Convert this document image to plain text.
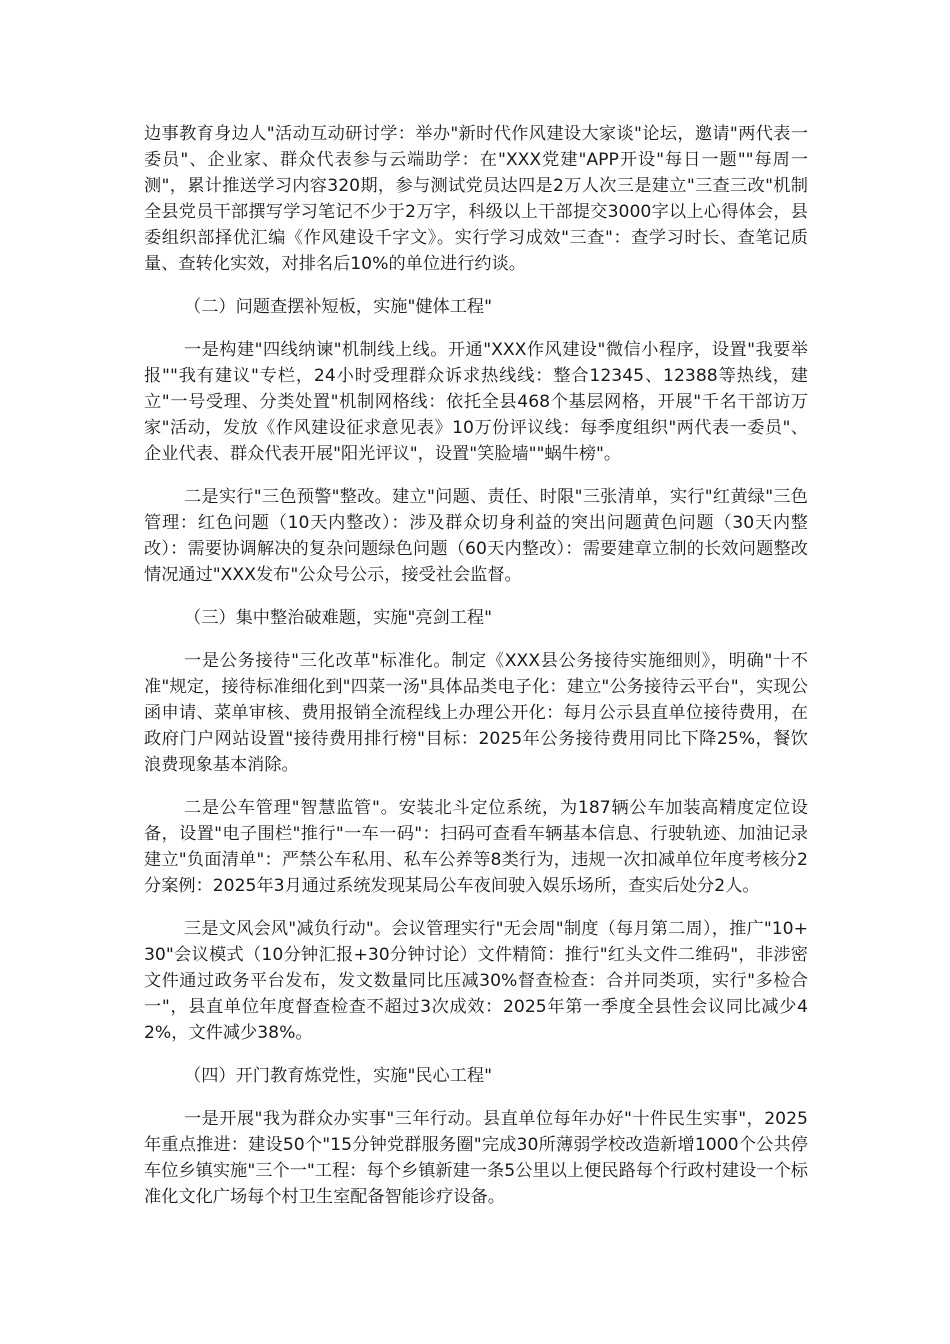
边事教育身边人"活动互动研讨学：举办"新时代作风建设大家谈"论坛，邀请"两代表一委员"、企业家、群众代表参与云端助学：在"XXX党建"APP开设"每日一题""每周一测"，累计推送学习内容320期，参与测试党员达四是2万人次三是建立"三查三改"机制全县党员干部撰写学习笔记不少于2万字，科级以上干部提交3000字以上心得体会，县委组织部择优汇编《作风建设千字文》。实行学习成效"三查"：查学习时长、查笔记质量、查转化实效，对排名后10%的单位进行约谈。

（二）问题查摆补短板，实施"健体工程"

一是构建"四线纳谏"机制线上线。开通"XXX作风建设"微信小程序，设置"我要举报""我有建议"专栏，24小时受理群众诉求热线线：整合12345、12388等热线，建立"一号受理、分类处置"机制网格线：依托全县468个基层网格，开展"千名干部访万家"活动，发放《作风建设征求意见表》10万份评议线：每季度组织"两代表一委员"、企业代表、群众代表开展"阳光评议"，设置"笑脸墙""蜗牛榜"。

二是实行"三色预警"整改。建立"问题、责任、时限"三张清单，实行"红黄绿"三色管理：红色问题（10天内整改）：涉及群众切身利益的突出问题黄色问题（30天内整改）：需要协调解决的复杂问题绿色问题（60天内整改）：需要建章立制的长效问题整改情况通过"XXX发布"公众号公示，接受社会监督。

（三）集中整治破难题，实施"亮剑工程"

一是公务接待"三化改革"标准化。制定《XXX县公务接待实施细则》，明确"十不准"规定，接待标准细化到"四菜一汤"具体品类电子化：建立"公务接待云平台"，实现公函申请、菜单审核、费用报销全流程线上办理公开化：每月公示县直单位接待费用，在政府门户网站设置"接待费用排行榜"目标：2025年公务接待费用同比下降25%，餐饮浪费现象基本消除。

二是公车管理"智慧监管"。安装北斗定位系统，为187辆公车加装高精度定位设备，设置"电子围栏"推行"一车一码"：扫码可查看车辆基本信息、行驶轨迹、加油记录建立"负面清单"：严禁公车私用、私车公养等8类行为，违规一次扣减单位年度考核分2分案例：2025年3月通过系统发现某局公车夜间驶入娱乐场所，查实后处分2人。

三是文风会风"减负行动"。会议管理实行"无会周"制度（每月第二周），推广"10+30"会议模式（10分钟汇报+30分钟讨论）文件精简：推行"红头文件二维码"，非涉密文件通过政务平台发布，发文数量同比压减30%督查检查：合并同类项，实行"多检合一"，县直单位年度督查检查不超过3次成效：2025年第一季度全县性会议同比减少42%，文件减少38%。

（四）开门教育炼党性，实施"民心工程"

一是开展"我为群众办实事"三年行动。县直单位每年办好"十件民生实事"，2025年重点推进：建设50个"15分钟党群服务圈"完成30所薄弱学校改造新增1000个公共停车位乡镇实施"三个一"工程：每个乡镇新建一条5公里以上便民路每个行政村建设一个标准化文化广场每个村卫生室配备智能诊疗设备。
